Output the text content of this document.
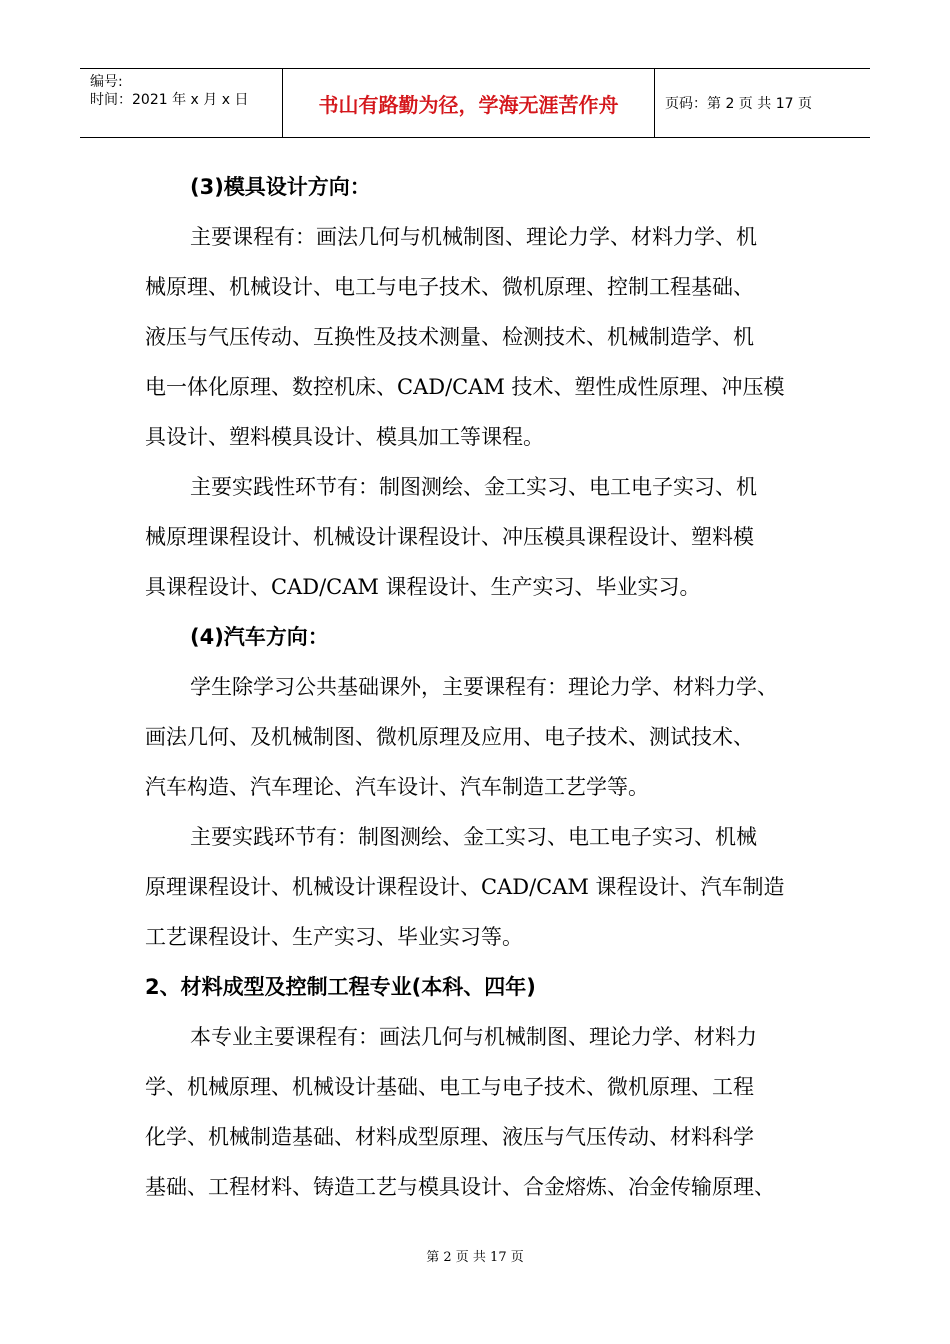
编号:
时间：2021 年 x 月 x 日	书山有路勤为径，学海无涯苦作舟	页码：第 2 页 共 17 页
(3)模具设计方向：
主要课程有：画法几何与机械制图、理论力学、材料力学、机
械原理、机械设计、电工与电子技术、微机原理、控制工程基础、
液压与气压传动、互换性及技术测量、检测技术、机械制造学、机
电一体化原理、数控机床、CAD/CAM 技术、塑性成性原理、冲压模
具设计、塑料模具设计、模具加工等课程。
主要实践性环节有：制图测绘、金工实习、电工电子实习、机
械原理课程设计、机械设计课程设计、冲压模具课程设计、塑料模
具课程设计、CAD/CAM 课程设计、生产实习、毕业实习。
(4)汽车方向：
学生除学习公共基础课外，主要课程有：理论力学、材料力学、
画法几何、及机械制图、微机原理及应用、电子技术、测试技术、
汽车构造、汽车理论、汽车设计、汽车制造工艺学等。
主要实践环节有：制图测绘、金工实习、电工电子实习、机械
原理课程设计、机械设计课程设计、CAD/CAM 课程设计、汽车制造
工艺课程设计、生产实习、毕业实习等。
2、材料成型及控制工程专业(本科、四年)
本专业主要课程有：画法几何与机械制图、理论力学、材料力
学、机械原理、机械设计基础、电工与电子技术、微机原理、工程
化学、机械制造基础、材料成型原理、液压与气压传动、材料科学
基础、工程材料、铸造工艺与模具设计、合金熔炼、冶金传输原理、
第 2 页 共 17 页
